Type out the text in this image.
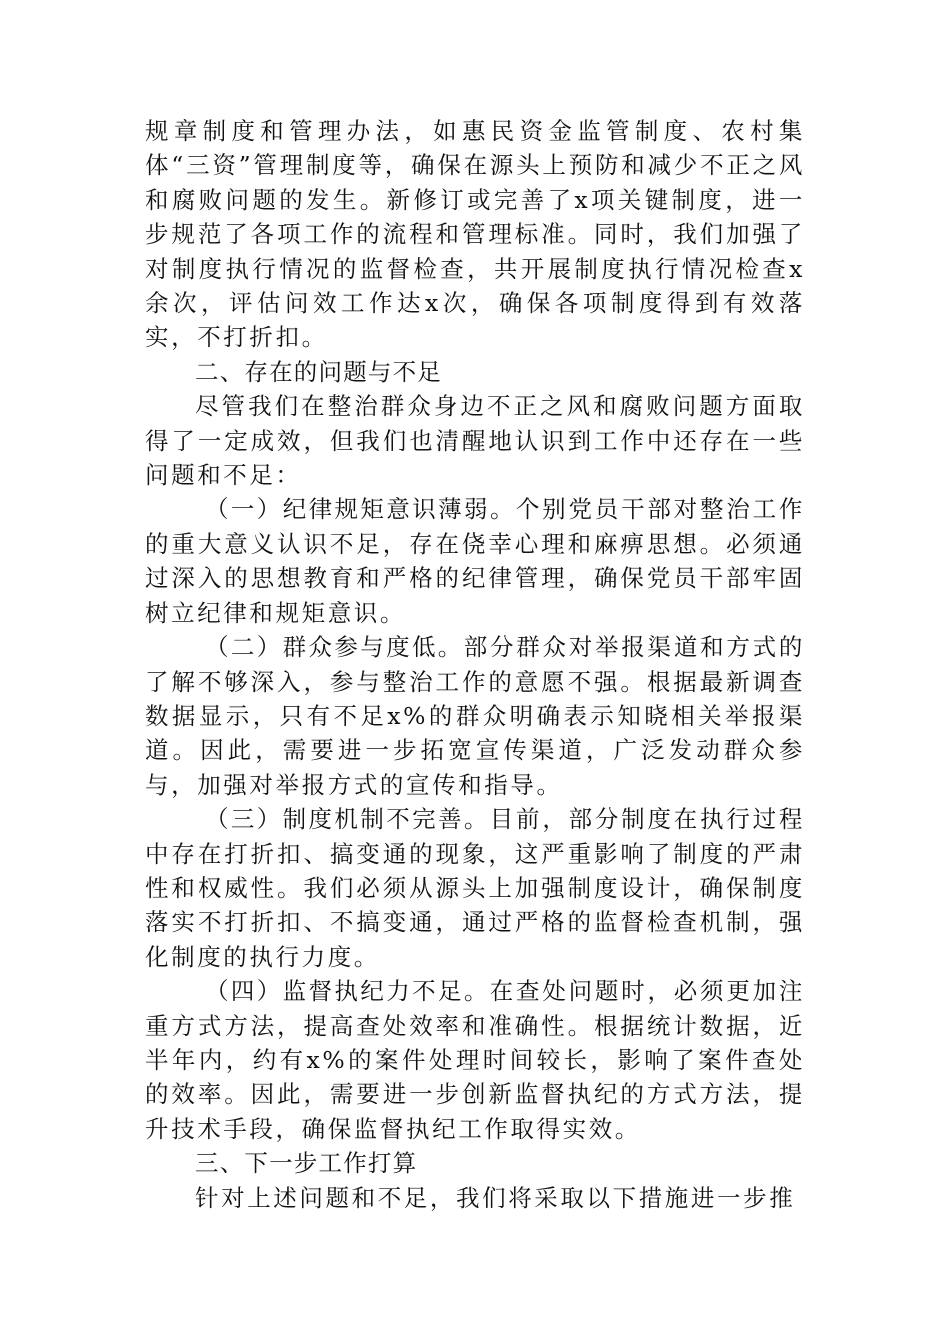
规章制度和管理办法，如惠民资金监管制度、农村集体“三资”管理制度等，确保在源头上预防和减少不正之风和腐败问题的发生。新修订或完善了x项关键制度，进一步规范了各项工作的流程和管理标准。同时，我们加强了对制度执行情况的监督检查，共开展制度执行情况检查x余次，评估问效工作达x次，确保各项制度得到有效落实，不打折扣。

二、存在的问题与不足

尽管我们在整治群众身边不正之风和腐败问题方面取得了一定成效，但我们也清醒地认识到工作中还存在一些问题和不足：

（一）纪律规矩意识薄弱。个别党员干部对整治工作的重大意义认识不足，存在侥幸心理和麻痹思想。必须通过深入的思想教育和严格的纪律管理，确保党员干部牢固树立纪律和规矩意识。

（二）群众参与度低。部分群众对举报渠道和方式的了解不够深入，参与整治工作的意愿不强。根据最新调查数据显示，只有不足x%的群众明确表示知晓相关举报渠道。因此，需要进一步拓宽宣传渠道，广泛发动群众参与，加强对举报方式的宣传和指导。

（三）制度机制不完善。目前，部分制度在执行过程中存在打折扣、搞变通的现象，这严重影响了制度的严肃性和权威性。我们必须从源头上加强制度设计，确保制度落实不打折扣、不搞变通，通过严格的监督检查机制，强化制度的执行力度。

（四）监督执纪力不足。在查处问题时，必须更加注重方式方法，提高查处效率和准确性。根据统计数据，近半年内，约有x%的案件处理时间较长，影响了案件查处的效率。因此，需要进一步创新监督执纪的方式方法，提升技术手段，确保监督执纪工作取得实效。

三、下一步工作打算

针对上述问题和不足，我们将采取以下措施进一步推
